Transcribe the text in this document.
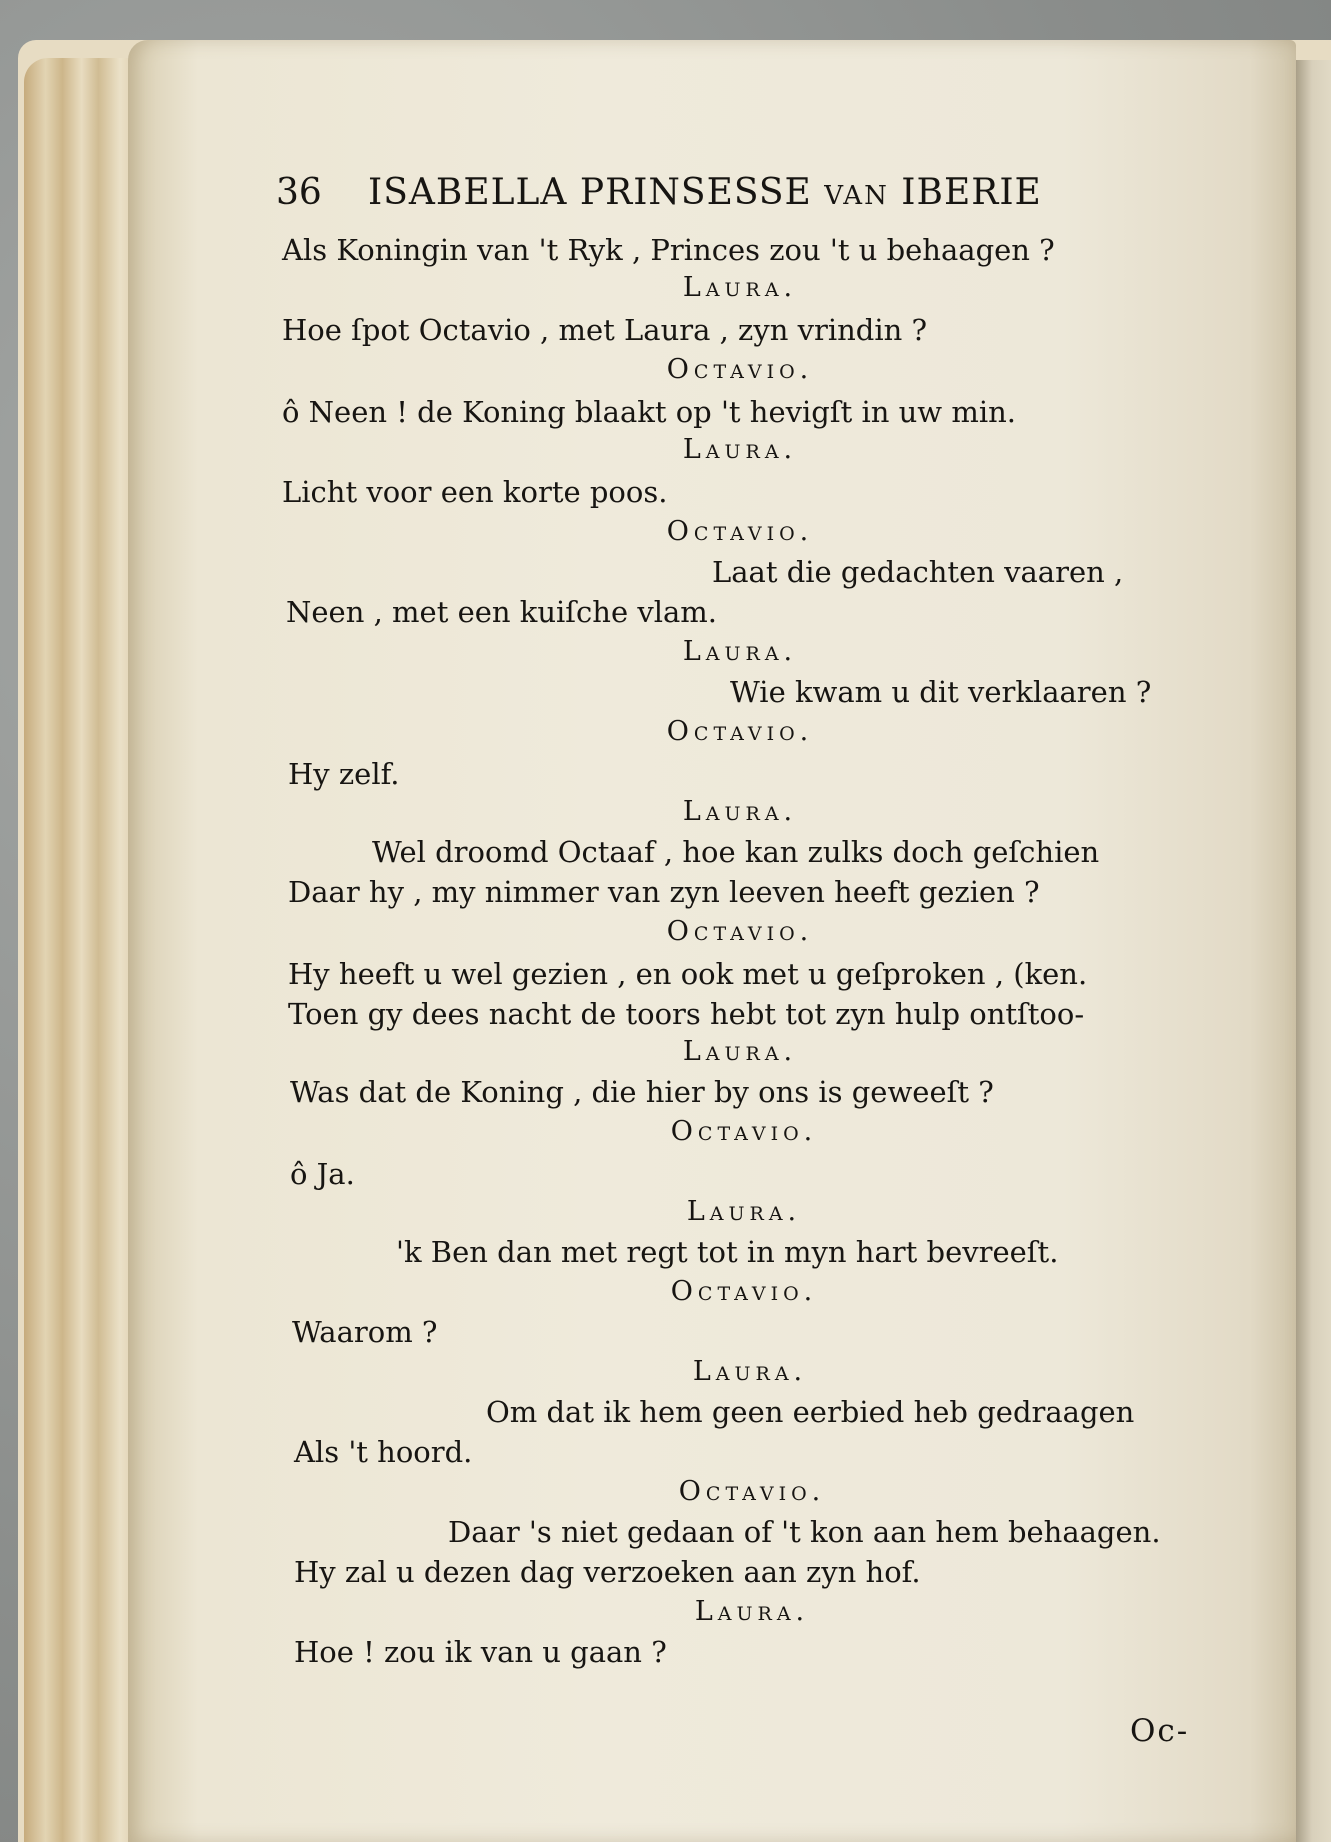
36 ISABELLA PRINSESSE VAN IBERIE
Als Koningin van 't Ryk , Princes zou 't u behaagen ?
Laura.
Hoe ſpot Octavio , met Laura , zyn vrindin ?
Octavio.
ô Neen ! de Koning blaakt op 't hevigſt in uw min.
Laura.
Licht voor een korte poos.
Octavio.
Laat die gedachten vaaren ,
Neen , met een kuiſche vlam.
Laura.
Wie kwam u dit verklaaren ?
Octavio.
Hy zelf.
Laura.
Wel droomd Octaaf , hoe kan zulks doch geſchien
Daar hy , my nimmer van zyn leeven heeft gezien ?
Octavio.
Hy heeft u wel gezien , en ook met u geſproken , (ken.
Toen gy dees nacht de toors hebt tot zyn hulp ontſtoo-
Laura.
Was dat de Koning , die hier by ons is geweeſt ?
Octavio.
ô Ja.
Laura.
'k Ben dan met regt tot in myn hart bevreeſt.
Octavio.
Waarom ?
Laura.
Om dat ik hem geen eerbied heb gedraagen
Als 't hoord.
Octavio.
Daar 's niet gedaan of 't kon aan hem behaagen.
Hy zal u dezen dag verzoeken aan zyn hof.
Laura.
Hoe ! zou ik van u gaan ?
Oc-
